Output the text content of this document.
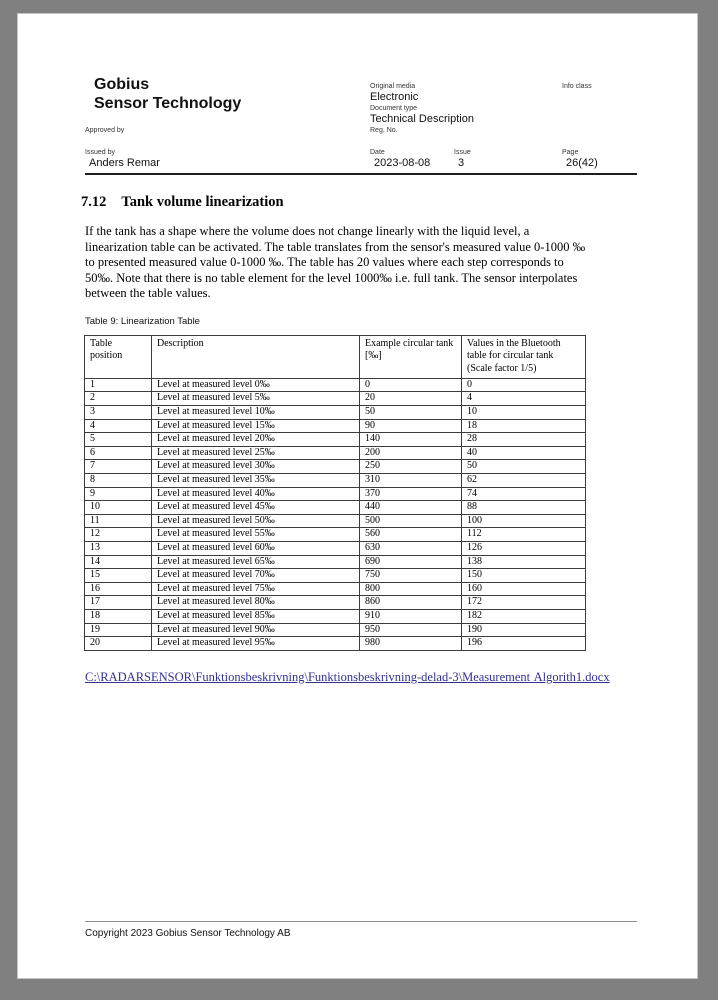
Gobius
Sensor Technology
Original media
Electronic
Document type
Technical Description
Reg. No.
Info class
Approved by
Issued by
Anders Remar
Date
2023-08-08
Issue
3
Page
26(42)
7.12 Tank volume linearization
If the tank has a shape where the volume does not change linearly with the liquid level, a
linearization table can be activated. The table translates from the sensor's measured value 0-1000 ‰
to presented measured value 0-1000 ‰. The table has 20 values where each step corresponds to
50‰. Note that there is no table element for the level 1000‰ i.e. full tank. The sensor interpolates
between the table values.
Table 9: Linearization Table
Table position	Description	Example circular tank [‰]	Values in the Bluetooth table for circular tank (Scale factor 1/5)
1	Level at measured level 0‰	0	0
2	Level at measured level 5‰	20	4
3	Level at measured level 10‰	50	10
4	Level at measured level 15‰	90	18
5	Level at measured level 20‰	140	28
6	Level at measured level 25‰	200	40
7	Level at measured level 30‰	250	50
8	Level at measured level 35‰	310	62
9	Level at measured level 40‰	370	74
10	Level at measured level 45‰	440	88
11	Level at measured level 50‰	500	100
12	Level at measured level 55‰	560	112
13	Level at measured level 60‰	630	126
14	Level at measured level 65‰	690	138
15	Level at measured level 70‰	750	150
16	Level at measured level 75‰	800	160
17	Level at measured level 80‰	860	172
18	Level at measured level 85‰	910	182
19	Level at measured level 90‰	950	190
20	Level at measured level 95‰	980	196
C:\RADARSENSOR\Funktionsbeskrivning\Funktionsbeskrivning-delad-3\Measurement Algorith1.docx
Copyright 2023 Gobius Sensor Technology AB
